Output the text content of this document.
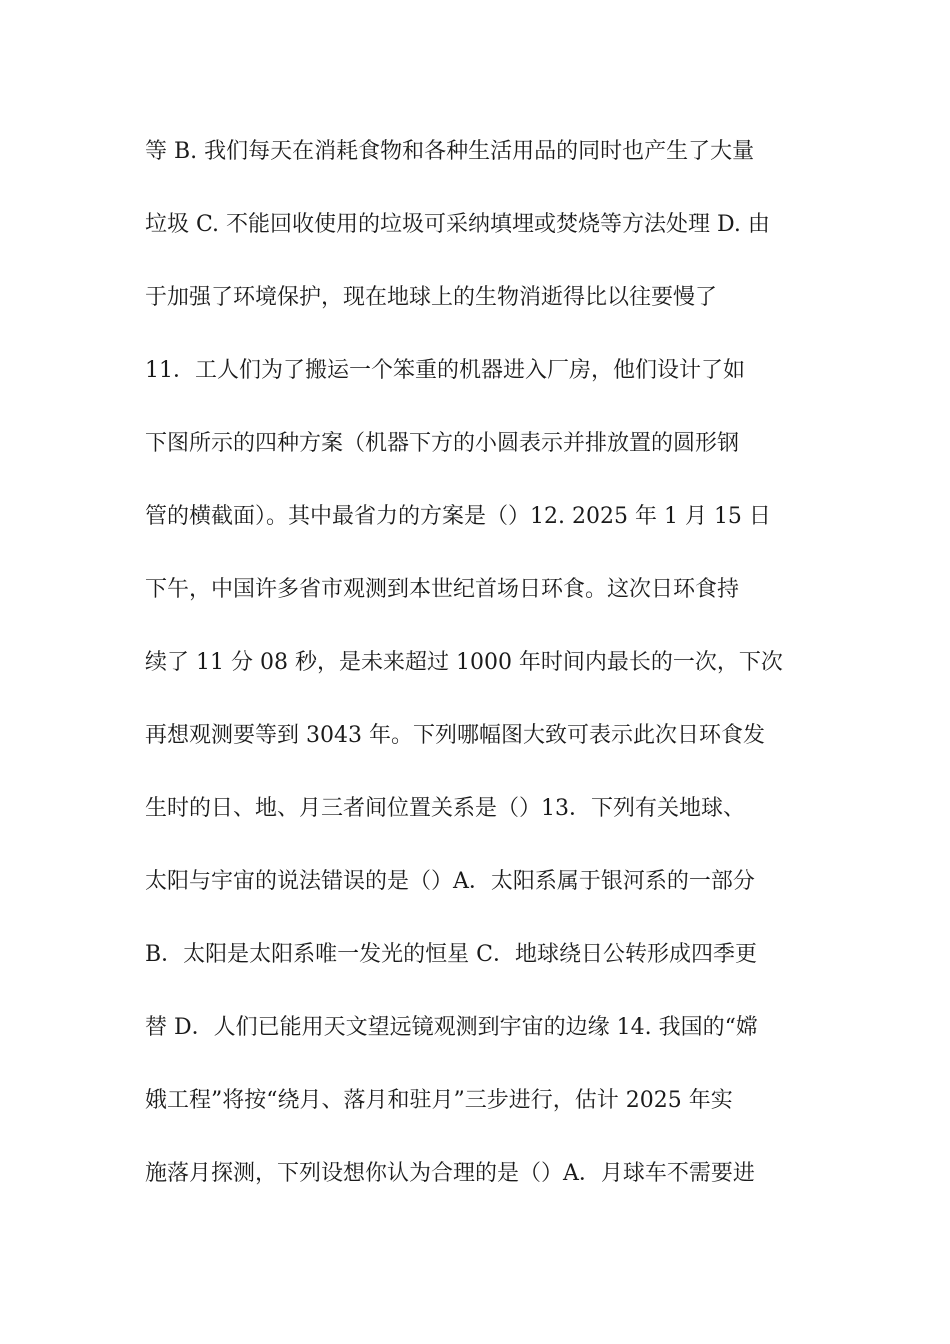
等 B. 我们每天在消耗食物和各种生活用品的同时也产生了大量
垃圾 C. 不能回收使用的垃圾可采纳填埋或焚烧等方法处理 D. 由
于加强了环境保护，现在地球上的生物消逝得比以往要慢了
11．工人们为了搬运一个笨重的机器进入厂房，他们设计了如
下图所示的四种方案（机器下方的小圆表示并排放置的圆形钢
管的横截面）。其中最省力的方案是（）12. 2025 年 1 月 15 日
下午，中国许多省市观测到本世纪首场日环食。这次日环食持
续了 11 分 08 秒，是未来超过 1000 年时间内最长的一次，下次
再想观测要等到 3043 年。下列哪幅图大致可表示此次日环食发
生时的日、地、月三者间位置关系是（）13．下列有关地球、
太阳与宇宙的说法错误的是（）A．太阳系属于银河系的一部分
B．太阳是太阳系唯一发光的恒星 C．地球绕日公转形成四季更
替 D．人们已能用天文望远镜观测到宇宙的边缘 14. 我国的“嫦
娥工程”将按“绕月、落月和驻月”三步进行，估计 2025 年实
施落月探测，下列设想你认为合理的是（）A．月球车不需要进
